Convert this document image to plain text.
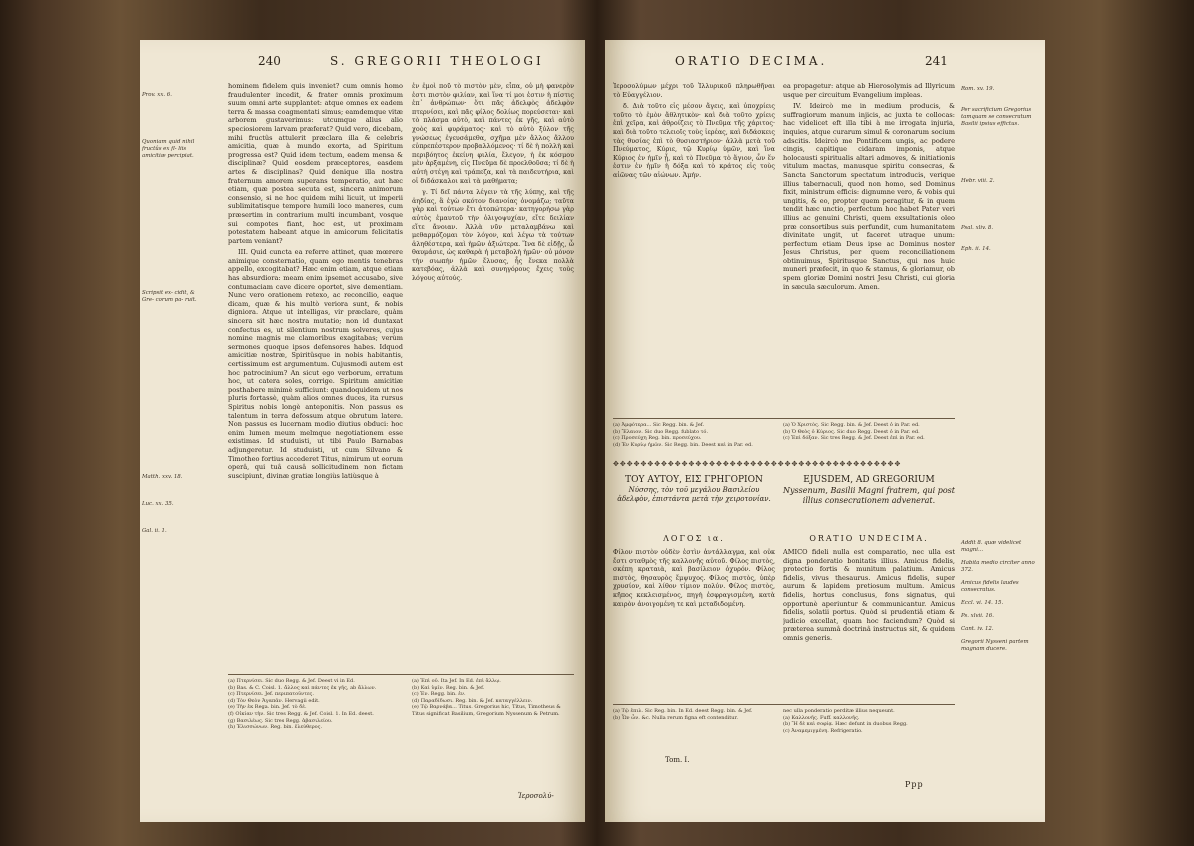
240	S. GREGORII THEOLOGI
Prov. xx. 6.
Quoniam quid nihil fructûs ex fl- liis amicitiæ percipiat.
Scripsit ex- cidit, & Gre- corum pa- ruit.
Matth. xxv. 18.
Luc. xx. 35.
Gal. ii. 1.

hominem fidelem quis inveniet? cum omnis homo fraudulenter incedit, & frater omnis proximum suum omni arte supplantet: atque omnes ex eadem terra & massa coagmentati simus; eamdemque vitæ arborem gustaverimus: utcumque alius alio speciosiorem larvam præferat? Quid vero, dicebam, mihi fructûs attulerit præclara illa & celebris amicitia, quæ à mundo exorta, ad Spiritum progressa est? Quid idem tectum, eadem mensa & disciplinæ? Quid eosdem præceptores, easdem artes & disciplinas? Quid denique illa nostra fraternum amorem superans temperatio, aut hæc etiam, quæ postea secuta est, sincera animorum consensio, si ne hoc quidem mihi licuit, ut imperii sublimitatisque tempore humili loco maneres, cum præsertim in contrarium multi incumbant, vosque sui compotes fiant, hoc est, ut proximam potestatem habeant atque in amicorum felicitatis partem veniant?

III. Quid cuncta ea referre attinet, quæ mœrere animique consternatio, quam ego mentis tenebras appello, excogitabat? Hæc enim etiam, atque etiam has absurdiora: meam enim ipsemet accusabo, sive contumaciam cave dicere oportet, sive dementiam. Nunc vero orationem retexo, ac reconcilio, eaque dicam, quæ & his multò veriora sunt, & nobis digniora. Atque ut intelligas, vir præclare, quàm sincera sit hæc nostra mutatio; non id duntaxat confectus es, ut silentium nostrum solveres, cujus nomine magnis me clamoribus exagitabas; verùm sermones quoque ipsos defensores habes. Idquod amicitiæ nostræ, Spiritûsque in nobis habitantis, certissimum est argumentum. Cujusmodi autem est hoc patrocinium? An sicut ego verborum, erratum hoc, ut catera soles, corrige. Spiritum amicitiæ posthabere minimè sufficiunt: quandoquidem ut nos pluris fortassè, quàm alios omnes duces, ita rursus Spiritus nobis longè anteponitis. Non passus es talentum in terra defossum atque obrutum latere. Non passus es lucernam modio diutius obduci: hoc enim lumen meum melmque negotiationem esse existimas. Id studuisti, ut tibi Paulo Barnabas adjungeretur. Id studuisti, ut cum Silvano & Timotheo fortius accederet Titus, nimirum ut eorum operâ, qui tuâ causâ sollicitudinem non fictam suscipiunt, divinæ gratiæ longiùs latiùsque à

ἐν ἐμοὶ ποῦ τὸ πιστὸν μὲν, εἶπα, οὐ μὴ φανερὸν ἐστι πιστὸν φιλίαν, καὶ ἵνα τί μοι ἐστιν ἡ πίστις ἐπ᾿ ἀνθρώπων· ὅτι πᾶς ἀδελφὸς ἀδελφὸν πτερνίσει, καὶ πᾶς φίλος δολίως πορεύσεται· καὶ τὸ πλάσμα αὐτὸ, καὶ πάντες ἐκ γῆς, καὶ αὐτὸ χοὸς καὶ φυράματος· καὶ τὸ αὐτὸ ξύλον τῆς γνώσεως ἐγευσάμεθα, σχῆμα μὲν ἄλλος ἄλλου εὐπρεπέστερον προβαλλόμενος· τί δὲ ἡ πολλὴ καὶ περιβόητος ἐκείνη φιλία, ἔλεγον, ἡ ἐκ κόσμου μὲν ἀρξαμένη, εἰς Πνεῦμα δὲ προελθοῦσα; τί δὲ ἡ αὐτὴ στέγη καὶ τράπεζα, καὶ τὰ παιδευτήρια, καὶ οἱ διδάσκαλοι καὶ τὰ μαθήματα;

γ. Τί δεῖ πάντα λέγειν τὰ τῆς λύπης, καὶ τῆς ἀηδίας, ἃ ἐγὼ σκότον διανοίας ὀνομάζω; ταῦτα γὰρ καὶ τούτων ἔτι ἀτοπώτερα· κατηγορήσω γὰρ αὐτὸς ἐμαυτοῦ τὴν ὀλιγοψυχίαν, εἴτε δειλίαν εἴτε ἄνοιαν. Ἀλλὰ νῦν μεταλαμβάνω καὶ μεθαρμόζομαι τὸν λόγον, καὶ λέγω τὰ τούτων ἀληθέστερα, καὶ ἡμῶν ἀξιώτερα. Ἵνα δὲ εἰδῇς, ὦ θαυμάσιε, ὡς καθαρὰ ἡ μεταβολὴ ἡμῶν· οὐ μόνον τὴν σιωπὴν ἡμῶν ἔλυσας, ἧς ἕνεκα πολλὰ κατεβόας, ἀλλὰ καὶ συνηγόρους ἔχεις τοὺς λόγους αὐτούς.

(a) Πτερνίσει. Sic duo Regg. & Jef. Deest vi in Ed.
(b) Bas. & C. Coisl. 1. ἄλλος καὶ πάντες ἐκ γῆς, ab ἄλλων.
(c) Πτερνίσει. Jef. περιπατοῦντες.
(d) Τὸν Θεὸν Ἀγαπᾶν. Hervagii edit.
(e) Τὴν ἐκ Rega. bin. Jef. τὸ δὲ.
(f) Οἰκίαν τὴν. Sic tres Regg. & Jef. Coisl. 1. In Ed. deest.
(g) Βασιλέως. Sic tres Regg. ἀβασιλείου.
(h) Ἐλισσώνων. Reg. bin. ἐλεύθερος.
(a) Ἐπὶ οὐ. Ita Jef. In Ed. ἐπὶ ἄλλῳ.
(b) Καὶ ὑμῖν. Reg. bin. & Jef.
(c) Ἐν. Regg. bin. ἐν.
(d) Παραδίδωσι. Reg. bin. & Jef. καταγγέλλειν.
(e) Τῷ Βαρνάβα... Titus. Gregorius hic, Titus, Timotheus & Titus significat Basilium, Gregorium Nyssenum & Petrum.
Ἱεροσολύ-
ORATIO DECIMA.	241

Ἱεροσολύμων μέχρι τοῦ Ἰλλυρικοῦ πληρωθῆναι τὸ Εὐαγγέλιον.

δ. Διὰ τοῦτο εἰς μέσον ἄγεις, καὶ ὑποχρίεις τοῦτο τὸ ἐμὸν ἄθλητικὸν· καὶ διὰ τοῦτο χρίεις ἐπὶ χεῖρα, καὶ ἀθροίζεις τὸ Πνεῦμα τῆς χάριτος· καὶ διὰ τοῦτο τελειοῖς τοὺς ἱερέας, καὶ διδάσκεις τὰς θυσίας ἐπὶ τὸ θυσιαστήριον· ἀλλὰ μετὰ τοῦ Πνεύματος, Κύριε, τῷ Κυρίῳ ὑμῶν, καὶ ἵνα Κύριος ἐν ἡμῖν ᾖ, καὶ τὸ Πνεῦμα τὸ ἅγιον, ὧν ἕν ἐστιν ἐν ἡμῖν ἡ δόξα καὶ τὸ κράτος εἰς τοὺς αἰῶνας τῶν αἰώνων. Ἀμήν.

ea propagetur: atque ab Hierosolymis ad Illyricum usque per circuitum Evangelium impleas.

IV. Ideircò me in medium producis, & suffragiorum manum injicis, ac juxta te collocas: hac videlicet eft illa tibi à me irrogata injuria, inquies, atque curarum simul & coronarum socium adscitis. Ideircò me Pontificem ungis, ac podere cingis, capitique cidaram imponis, atque holocausti spiritualis altari admoves, & initiationis vitulum mactas, manusque spiritu consecras, & Sancta Sanctorum spectatum introducis, verique illius tabernaculi, quod non homo, sed Dominus fixit, ministrum efficis: dignumne vero, & vobis qui ungitis, & eo, propter quem peragitur, & in quem tendit hæc unctio, perfectum hoc habet Pater veri illius ac genuini Christi, quem exsultationis oleo præ consortibus suis perfundit, cum humanitatem divinitate ungit, ut faceret utraque unum: perfectum etiam Deus ipse ac Dominus noster Jesus Christus, per quem reconciliationem obtinuimus, Spiritusque Sanctus, qui nos huic muneri præfecit, in quo & stamus, & gloriamur, ob spem gloriæ Domini nostri Jesu Christi, cui gloria in sæcula sæculorum. Amen.

Rom. xv. 19.
Per sacrificium Gregorius tamquam se consecratum Basilii ipsius effictus.
Hebr. viii. 2.
Psal. xliv. 8.
Eph. ii. 14.
(a) Ἀμφότερα... Sic Regg. bin. & Jef.
(b) Ἔλαιον. Sic duo Regg. fublato τό.
(c) Προσεύχη Reg. bin. προσεύχου.
(d) Ἐν Κυρίῳ ἡμῶν. Sic Regg. bin. Deest καὶ in Par. ed.
(a) Ὁ Χριστὸς. Sic Regg. bin. & Jef. Deest ὁ in Par. ed.
(b) Ὁ Θεὸς ὁ Κύριος. Sic duo Regg. Deest ὁ in Par. ed.
(c) Ἐπὶ δόξαν. Sic tres Regg. & Jef. Deest ἐπὶ in Par. ed.
✥✥✥✥✥✥✥✥✥✥✥✥✥✥✥✥✥✥✥✥✥✥✥✥✥✥✥✥✥✥✥✥✥✥✥✥✥✥✥✥✥✥
ΤΟΥ ΑΥΤΟΥ, ΕΙΣ ΓΡΗΓΟΡΙΟΝ
Νύσσης, τὸν τοῦ μεγάλου Βασιλείου ἀδελφὸν, ἐπιστάντα μετὰ τὴν χειροτονίαν.
EJUSDEM, AD GREGORIUM
Nyssenum, Basilii Magni fratrem, qui post illius consecrationem advenerat.
ΛΟΓΟΣ ια.	ORATIO UNDECIMA.

Φίλον πιστὸν οὐδὲν ἐστὶν ἀντάλλαγμα, καὶ οὐκ ἔστι σταθμὸς τῆς καλλονῆς αὐτοῦ. Φίλος πιστὸς, σκέπη κραταιὰ, καὶ βασίλειον ὀχυρόν. Φίλος πιστὸς, θησαυρὸς ἔμψυχος. Φίλος πιστὸς, ὑπὲρ χρυσίον, καὶ λίθον τίμιον πολύν. Φίλος πιστὸς, κῆπος κεκλεισμένος, πηγὴ ἐσφραγισμένη, κατὰ καιρὸν ἀνοιγομένη τε καὶ μεταδιδομένη.

AMICO fideli nulla est comparatio, nec ulla est digna ponderatio bonitatis illius. Amicus fidelis, protectio fortis & munitum palatium. Amicus fidelis, vivus thesaurus. Amicus fidelis, super aurum & lapidem pretiosum multum. Amicus fidelis, hortus conclusus, fons signatus, qui opportunè aperiuntur & communicantur. Amicus fidelis, solatii portus. Quòd si prudentiâ etiam & judicio excellat, quam hoc faciendum? Quòd si præterea summâ doctrinâ instructus sit, & quidem omnis generis.

Addit 8. quæ videlicet magni...
Habita medio circiter anno 372.
Amicus fidelis laudes consecratus.
Eccl. vi. 14. 15.
Ps. xlvii. 16.
Cant. iv. 12.
Gregorii Nysseni partem magnam ducere.
(a) Τῷ ἐπιλ. Sic Reg. bin. In Ed. deest Regg. bin. & Jef.
(b) Ὧν ὦν. &c. Nulla rerum figna eft contenditur.
nec ulla ponderatio perditæ illius nequeunt.
(a) Καλλονῆς. Fuff. καλλονῆς.
(b) Ἢ δὲ καὶ σοφίᾳ. Hæc defunt in duobus Regg.
(c) Ἀναμεμιγμένη. Refrigeratio.
Tom. I.
Ppp
